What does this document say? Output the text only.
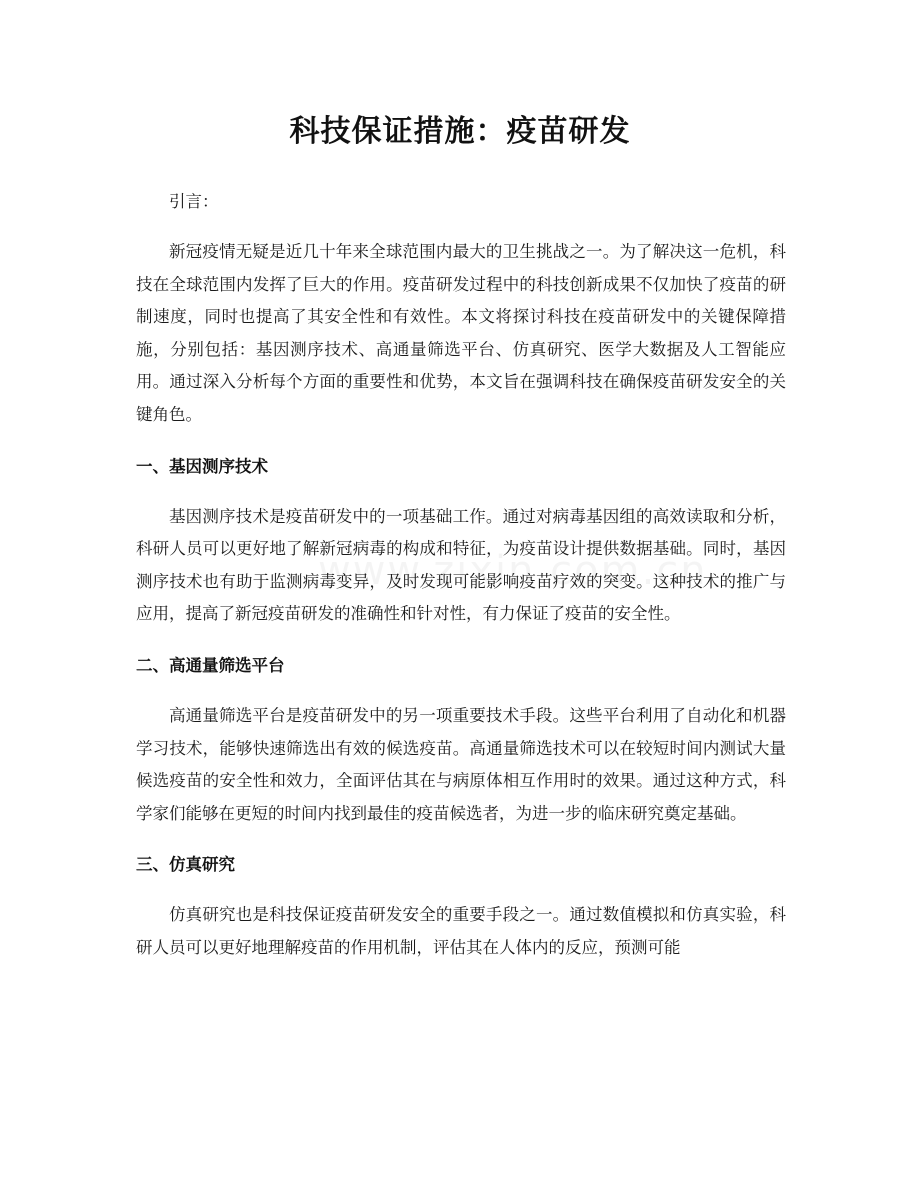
科技保证措施：疫苗研发

引言：

新冠疫情无疑是近几十年来全球范围内最大的卫生挑战之一。为了解决这一危机，科技在全球范围内发挥了巨大的作用。疫苗研发过程中的科技创新成果不仅加快了疫苗的研制速度，同时也提高了其安全性和有效性。本文将探讨科技在疫苗研发中的关键保障措施，分别包括：基因测序技术、高通量筛选平台、仿真研究、医学大数据及人工智能应用。通过深入分析每个方面的重要性和优势，本文旨在强调科技在确保疫苗研发安全的关键角色。

一、基因测序技术

基因测序技术是疫苗研发中的一项基础工作。通过对病毒基因组的高效读取和分析，科研人员可以更好地了解新冠病毒的构成和特征，为疫苗设计提供数据基础。同时，基因测序技术也有助于监测病毒变异，及时发现可能影响疫苗疗效的突变。这种技术的推广与应用，提高了新冠疫苗研发的准确性和针对性，有力保证了疫苗的安全性。

二、高通量筛选平台

高通量筛选平台是疫苗研发中的另一项重要技术手段。这些平台利用了自动化和机器学习技术，能够快速筛选出有效的候选疫苗。高通量筛选技术可以在较短时间内测试大量候选疫苗的安全性和效力，全面评估其在与病原体相互作用时的效果。通过这种方式，科学家们能够在更短的时间内找到最佳的疫苗候选者，为进一步的临床研究奠定基础。

三、仿真研究

仿真研究也是科技保证疫苗研发安全的重要手段之一。通过数值模拟和仿真实验，科研人员可以更好地理解疫苗的作用机制，评估其在人体内的反应，预测可能
